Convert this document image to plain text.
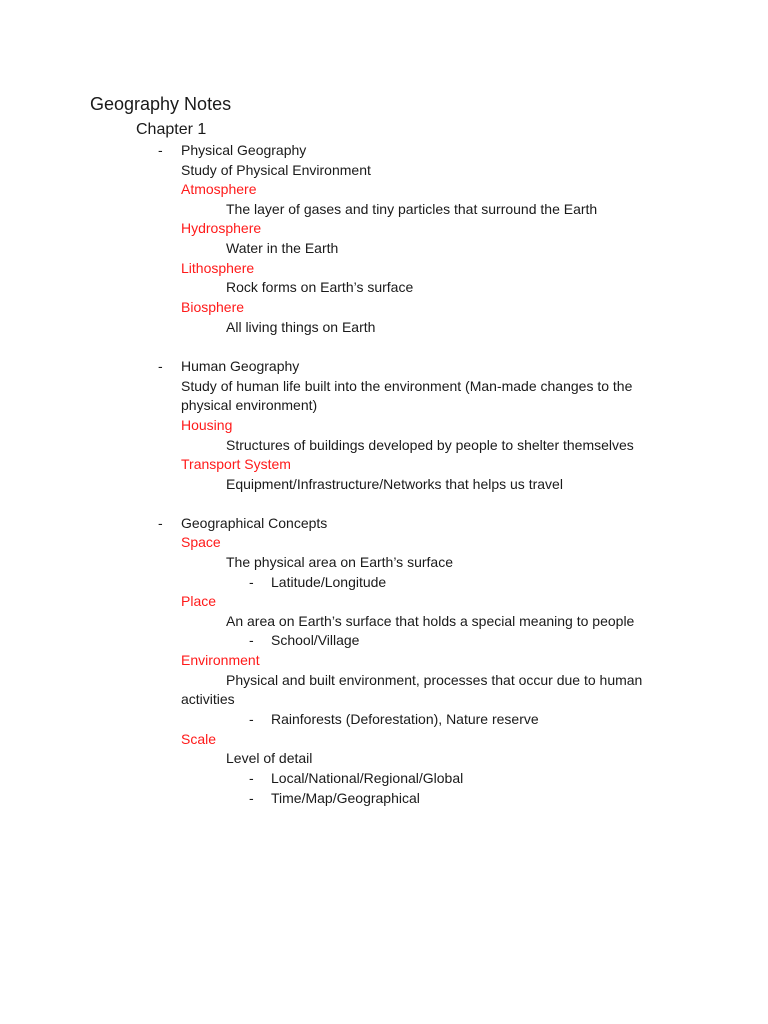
Geography Notes
Chapter 1
- Physical Geography
Study of Physical Environment
Atmosphere
The layer of gases and tiny particles that surround the Earth
Hydrosphere
Water in the Earth
Lithosphere
Rock forms on Earth’s surface
Biosphere
All living things on Earth
- Human Geography
Study of human life built into the environment (Man-made changes to the
physical environment)
Housing
Structures of buildings developed by people to shelter themselves
Transport System
Equipment/Infrastructure/Networks that helps us travel
- Geographical Concepts
Space
The physical area on Earth’s surface
- Latitude/Longitude
Place
An area on Earth’s surface that holds a special meaning to people
- School/Village
Environment
Physical and built environment, processes that occur due to human
activities
- Rainforests (Deforestation), Nature reserve
Scale
Level of detail
- Local/National/Regional/Global
- Time/Map/Geographical
